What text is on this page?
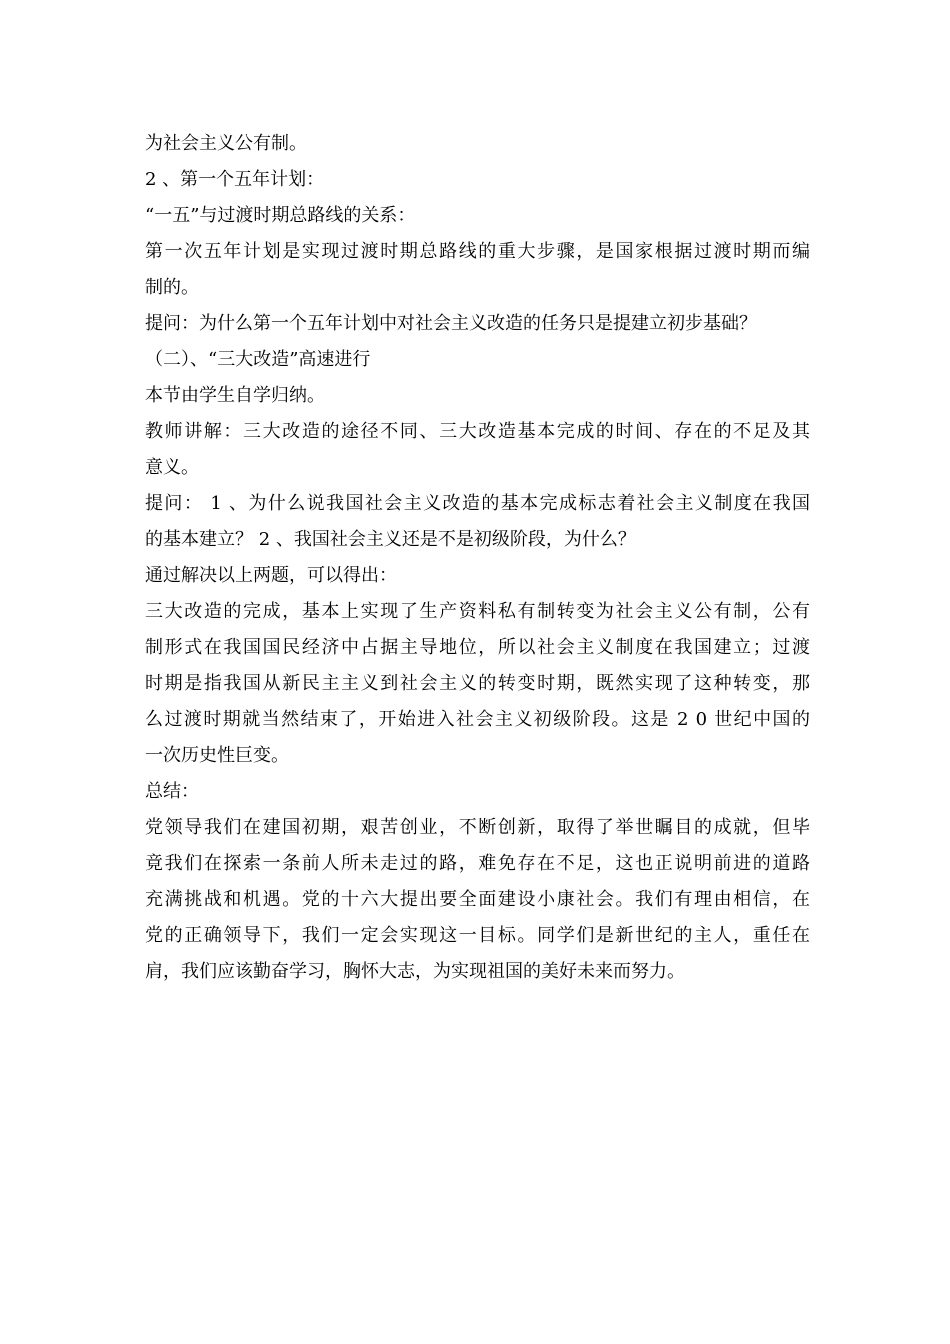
为社会主义公有制。
2 、第一个五年计划：
“一五”与过渡时期总路线的关系：
第一次五年计划是实现过渡时期总路线的重大步骤，是国家根据过渡时期而编
制的。
提问：为什么第一个五年计划中对社会主义改造的任务只是提建立初步基础？
（二）、“三大改造”高速进行
本节由学生自学归纳。
教师讲解：三大改造的途径不同、三大改造基本完成的时间、存在的不足及其
意义。
提问： 1 、为什么说我国社会主义改造的基本完成标志着社会主义制度在我国
的基本建立？ 2 、我国社会主义还是不是初级阶段，为什么？
通过解决以上两题，可以得出：
三大改造的完成，基本上实现了生产资料私有制转变为社会主义公有制，公有
制形式在我国国民经济中占据主导地位，所以社会主义制度在我国建立；过渡
时期是指我国从新民主主义到社会主义的转变时期，既然实现了这种转变，那
么过渡时期就当然结束了，开始进入社会主义初级阶段。这是 2 0 世纪中国的
一次历史性巨变。
总结：
党领导我们在建国初期，艰苦创业，不断创新，取得了举世瞩目的成就，但毕
竟我们在探索一条前人所未走过的路，难免存在不足，这也正说明前进的道路
充满挑战和机遇。党的十六大提出要全面建设小康社会。我们有理由相信，在
党的正确领导下，我们一定会实现这一目标。同学们是新世纪的主人，重任在
肩，我们应该勤奋学习，胸怀大志，为实现祖国的美好未来而努力。
